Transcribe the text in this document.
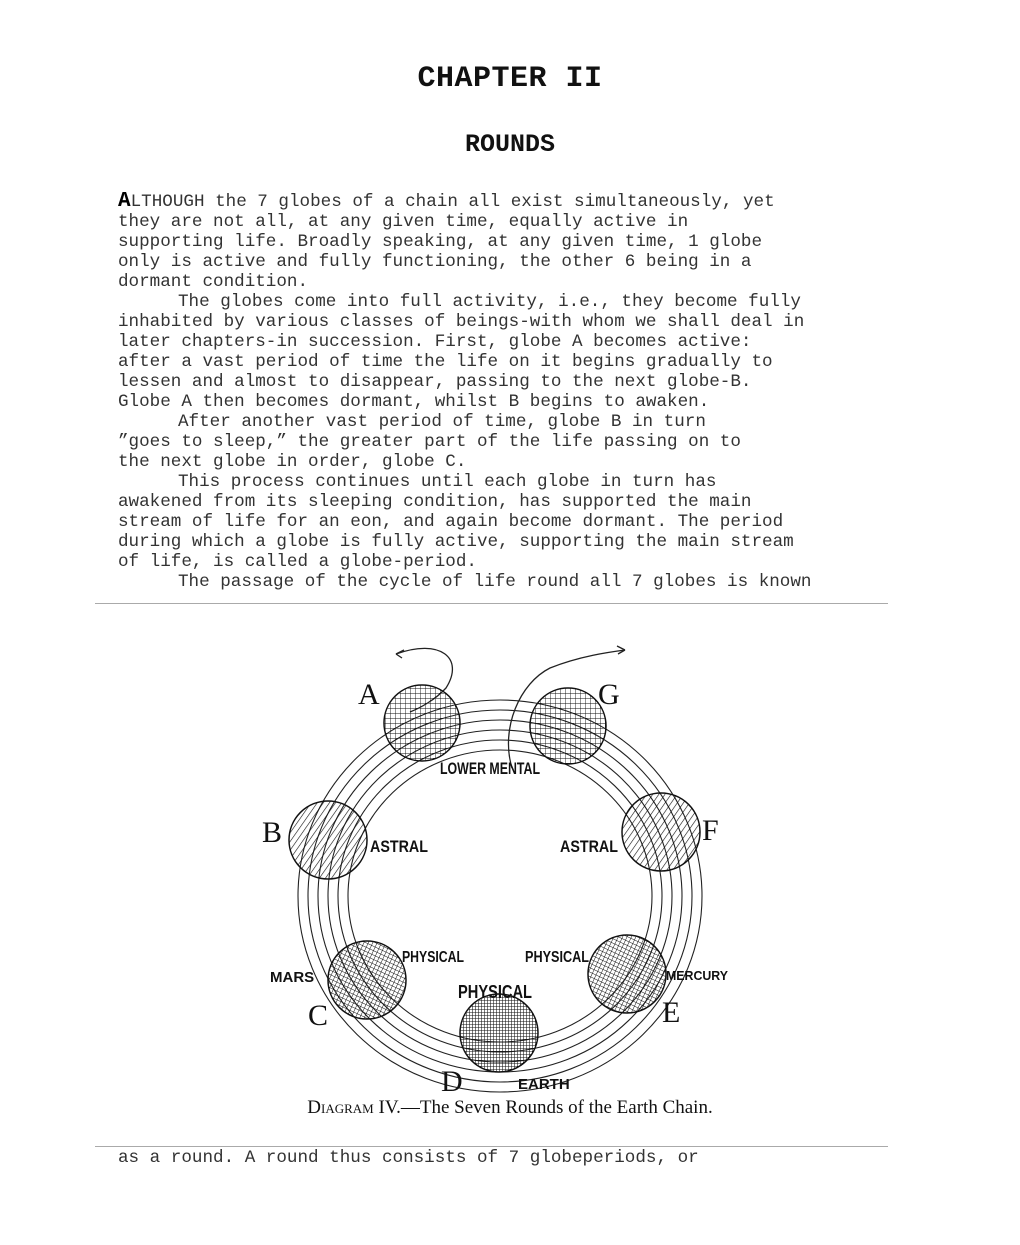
CHAPTER II
ROUNDS
ALTHOUGH the 7 globes of a chain all exist simultaneously, yet
they are not all, at any given time, equally active in
supporting life. Broadly speaking, at any given time, 1 globe
only is active and fully functioning, the other 6 being in a
dormant condition.
The globes come into full activity, i.e., they become fully
inhabited by various classes of beings-with whom we shall deal in
later chapters-in succession. First, globe A becomes active:
after a vast period of time the life on it begins gradually to
lessen and almost to disappear, passing to the next globe-B.
Globe A then becomes dormant, whilst B begins to awaken.
After another vast period of time, globe B in turn
”goes to sleep,” the greater part of the life passing on to
the next globe in order, globe C.
This process continues until each globe in turn has
awakened from its sleeping condition, has supported the main
stream of life for an eon, and again become dormant. The period
during which a globe is fully active, supporting the main stream
of life, is called a globe-period.
The passage of the cycle of life round all 7 globes is known
A	G
B	F
C	E
D
LOWER MENTAL
ASTRAL	ASTRAL
PHYSICAL	PHYSICAL
PHYSICAL
MARS	MERCURY
EARTH
Diagram IV.—The Seven Rounds of the Earth Chain.
as a round. A round thus consists of 7 globeperiods, or
